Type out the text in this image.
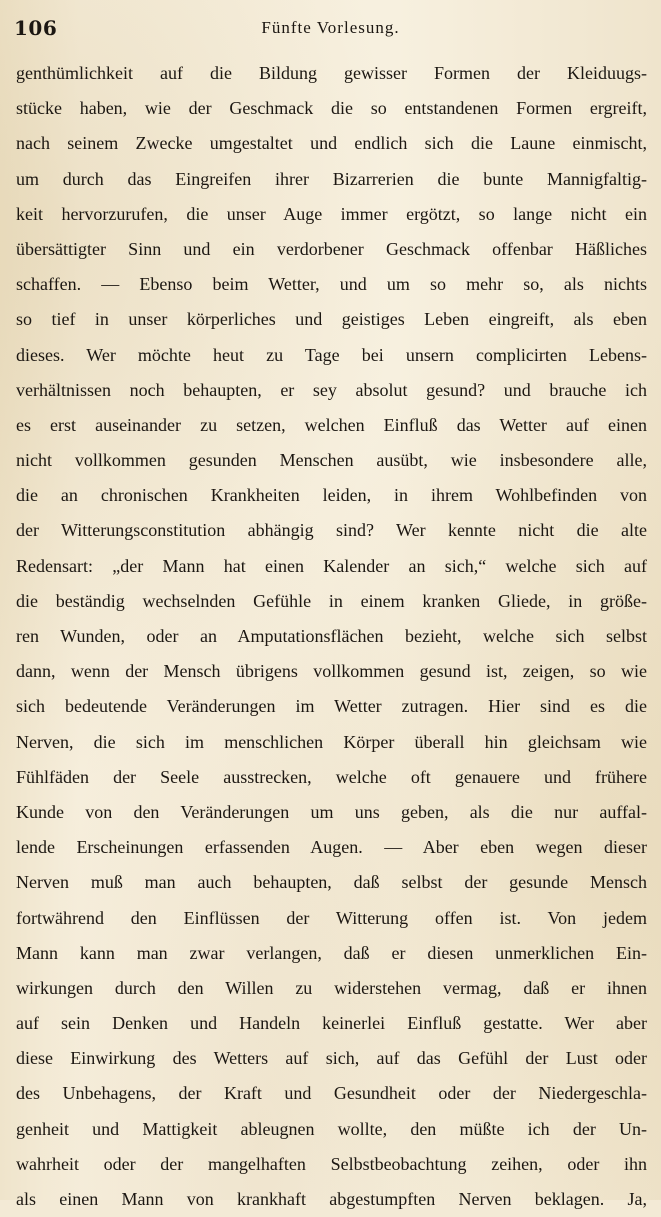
106	Fünfte Vorlesung.
genthümlichkeit auf die Bildung gewisser Formen der Kleiduugs-
stücke haben, wie der Geschmack die so entstandenen Formen ergreift,
nach seinem Zwecke umgestaltet und endlich sich die Laune einmischt,
um durch das Eingreifen ihrer Bizarrerien die bunte Mannigfaltig-
keit hervorzurufen, die unser Auge immer ergötzt, so lange nicht ein
übersättigter Sinn und ein verdorbener Geschmack offenbar Häßliches
schaffen. — Ebenso beim Wetter, und um so mehr so, als nichts
so tief in unser körperliches und geistiges Leben eingreift, als eben
dieses. Wer möchte heut zu Tage bei unsern complicirten Lebens-
verhältnissen noch behaupten, er sey absolut gesund? und brauche ich
es erst auseinander zu setzen, welchen Einfluß das Wetter auf einen
nicht vollkommen gesunden Menschen ausübt, wie insbesondere alle,
die an chronischen Krankheiten leiden, in ihrem Wohlbefinden von
der Witterungsconstitution abhängig sind? Wer kennte nicht die alte
Redensart: „der Mann hat einen Kalender an sich,“ welche sich auf
die beständig wechselnden Gefühle in einem kranken Gliede, in größe-
ren Wunden, oder an Amputationsflächen bezieht, welche sich selbst
dann, wenn der Mensch übrigens vollkommen gesund ist, zeigen, so wie
sich bedeutende Veränderungen im Wetter zutragen. Hier sind es die
Nerven, die sich im menschlichen Körper überall hin gleichsam wie
Fühlfäden der Seele ausstrecken, welche oft genauere und frühere
Kunde von den Veränderungen um uns geben, als die nur auffal-
lende Erscheinungen erfassenden Augen. — Aber eben wegen dieser
Nerven muß man auch behaupten, daß selbst der gesunde Mensch
fortwährend den Einflüssen der Witterung offen ist. Von jedem
Mann kann man zwar verlangen, daß er diesen unmerklichen Ein-
wirkungen durch den Willen zu widerstehen vermag, daß er ihnen
auf sein Denken und Handeln keinerlei Einfluß gestatte. Wer aber
diese Einwirkung des Wetters auf sich, auf das Gefühl der Lust oder
des Unbehagens, der Kraft und Gesundheit oder der Niedergeschla-
genheit und Mattigkeit ableugnen wollte, den müßte ich der Un-
wahrheit oder der mangelhaften Selbstbeobachtung zeihen, oder ihn
als einen Mann von krankhaft abgestumpften Nerven beklagen. Ja,
